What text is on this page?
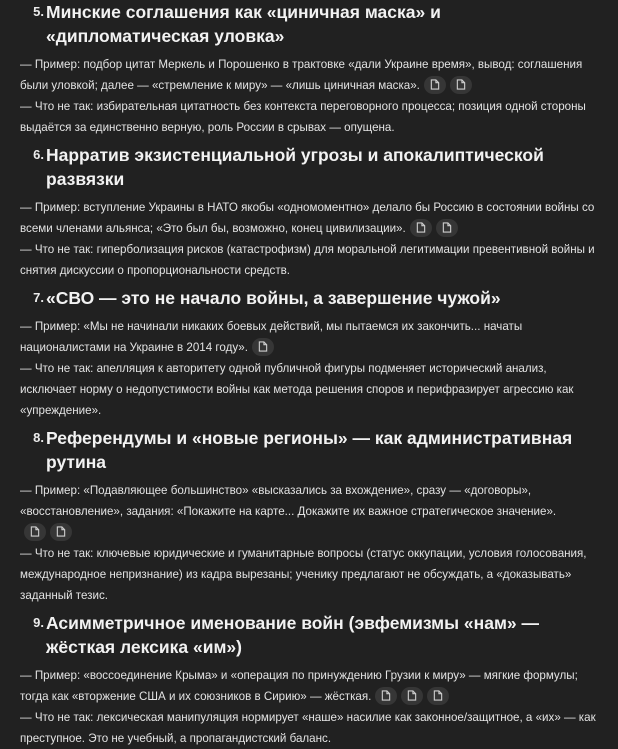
5. Минские соглашения как «циничная маска» и «дипломатическая уловка»

— Пример: подбор цитат Меркель и Порошенко в трактовке «дали Украине время», вывод: соглашения были уловкой; далее — «стремление к миру» — «лишь циничная маска».

— Что не так: избирательная цитатность без контекста переговорного процесса; позиция одной стороны выдаётся за единственно верную, роль России в срывах — опущена.

6. Нарратив экзистенциальной угрозы и апокалиптической развязки

— Пример: вступление Украины в НАТО якобы «одномоментно» делало бы Россию в состоянии войны со всеми членами альянса; «Это был бы, возможно, конец цивилизации».

— Что не так: гиперболизация рисков (катастрофизм) для моральной легитимации превентивной войны и снятия дискуссии о пропорциональности средств.

7. «СВО — это не начало войны, а завершение чужой»

— Пример: «Мы не начинали никаких боевых действий, мы пытаемся их закончить... начаты националистами на Украине в 2014 году».

— Что не так: апелляция к авторитету одной публичной фигуры подменяет исторический анализ, исключает норму о недопустимости войны как метода решения споров и перифразирует агрессию как «упреждение».

8. Референдумы и «новые регионы» — как административная рутина

— Пример: «Подавляющее большинство» «высказались за вхождение», сразу — «договоры», «восстановление», задания: «Покажите на карте... Докажите их важное стратегическое значение».

— Что не так: ключевые юридические и гуманитарные вопросы (статус оккупации, условия голосования, международное непризнание) из кадра вырезаны; ученику предлагают не обсуждать, а «доказывать» заданный тезис.

9. Асимметричное именование войн (эвфемизмы «нам» — жёсткая лексика «им»)

— Пример: «воссоединение Крыма» и «операция по принуждению Грузии к миру» — мягкие формулы; тогда как «вторжение США и их союзников в Сирию» — жёсткая.

— Что не так: лексическая манипуляция нормирует «наше» насилие как законное/защитное, а «их» — как преступное. Это не учебный, а пропагандистский баланс.
